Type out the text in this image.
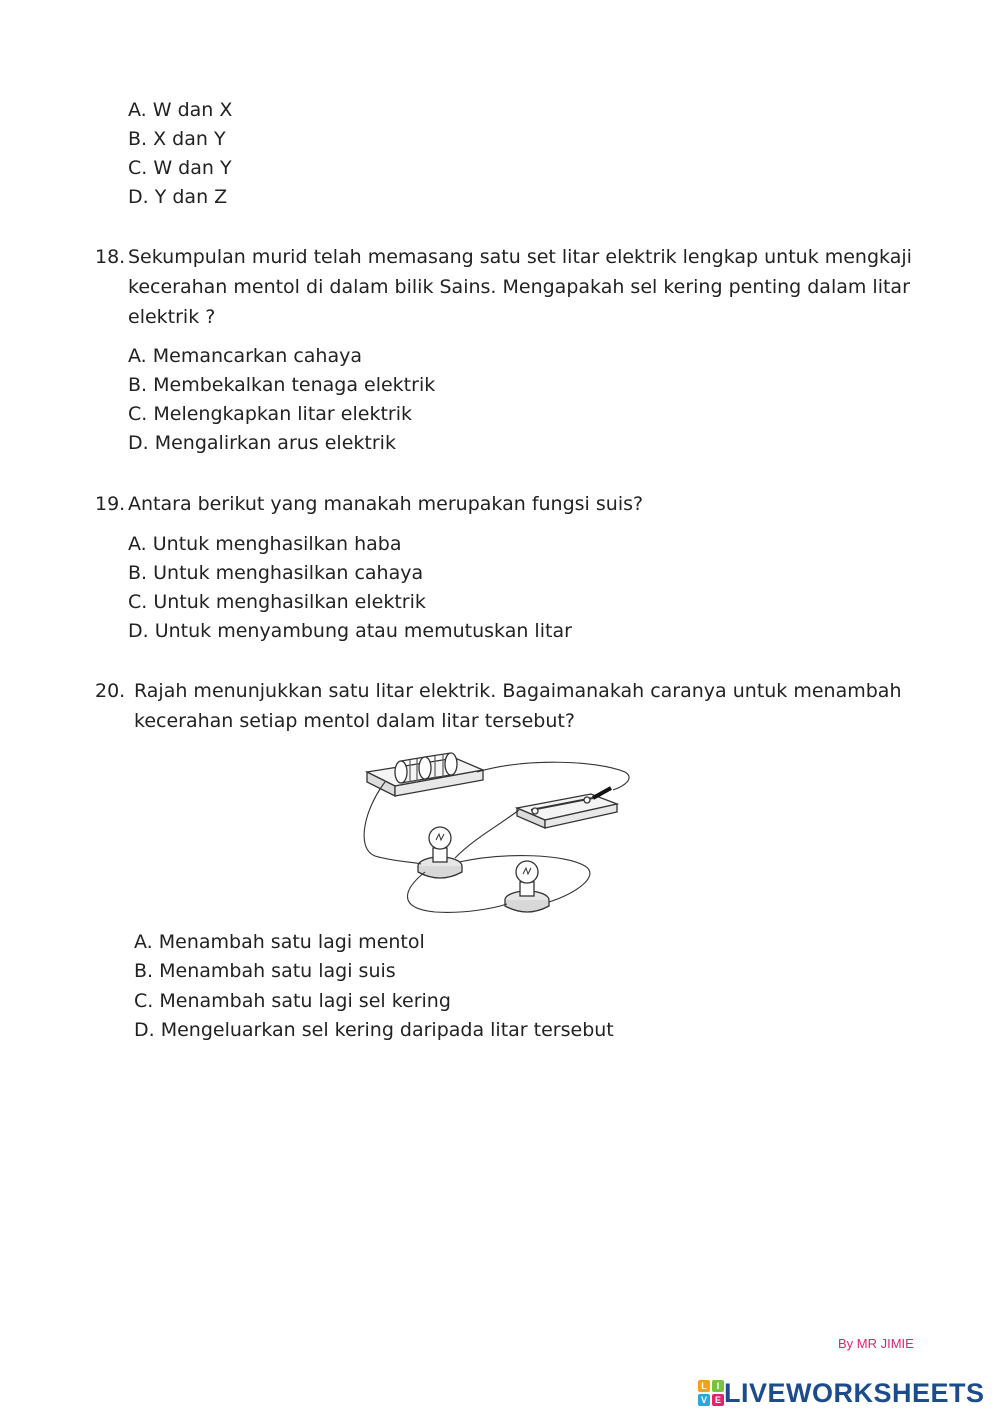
A. W dan X
B. X dan Y
C. W dan Y
D. Y dan Z
18. Sekumpulan murid telah memasang satu set litar elektrik lengkap untuk mengkaji
kecerahan mentol di dalam bilik Sains. Mengapakah sel kering penting dalam litar
elektrik ?
A. Memancarkan cahaya
B. Membekalkan tenaga elektrik
C. Melengkapkan litar elektrik
D. Mengalirkan arus elektrik
19. Antara berikut yang manakah merupakan fungsi suis?
A. Untuk menghasilkan haba
B. Untuk menghasilkan cahaya
C. Untuk menghasilkan elektrik
D. Untuk menyambung atau memutuskan litar
20. Rajah menunjukkan satu litar elektrik. Bagaimanakah caranya untuk menambah
kecerahan setiap mentol dalam litar tersebut?
A. Menambah satu lagi mentol
B. Menambah satu lagi suis
C. Menambah satu lagi sel kering
D. Mengeluarkan sel kering daripada litar tersebut
By MR JIMIE
L I
V E LIVEWORKSHEETS
